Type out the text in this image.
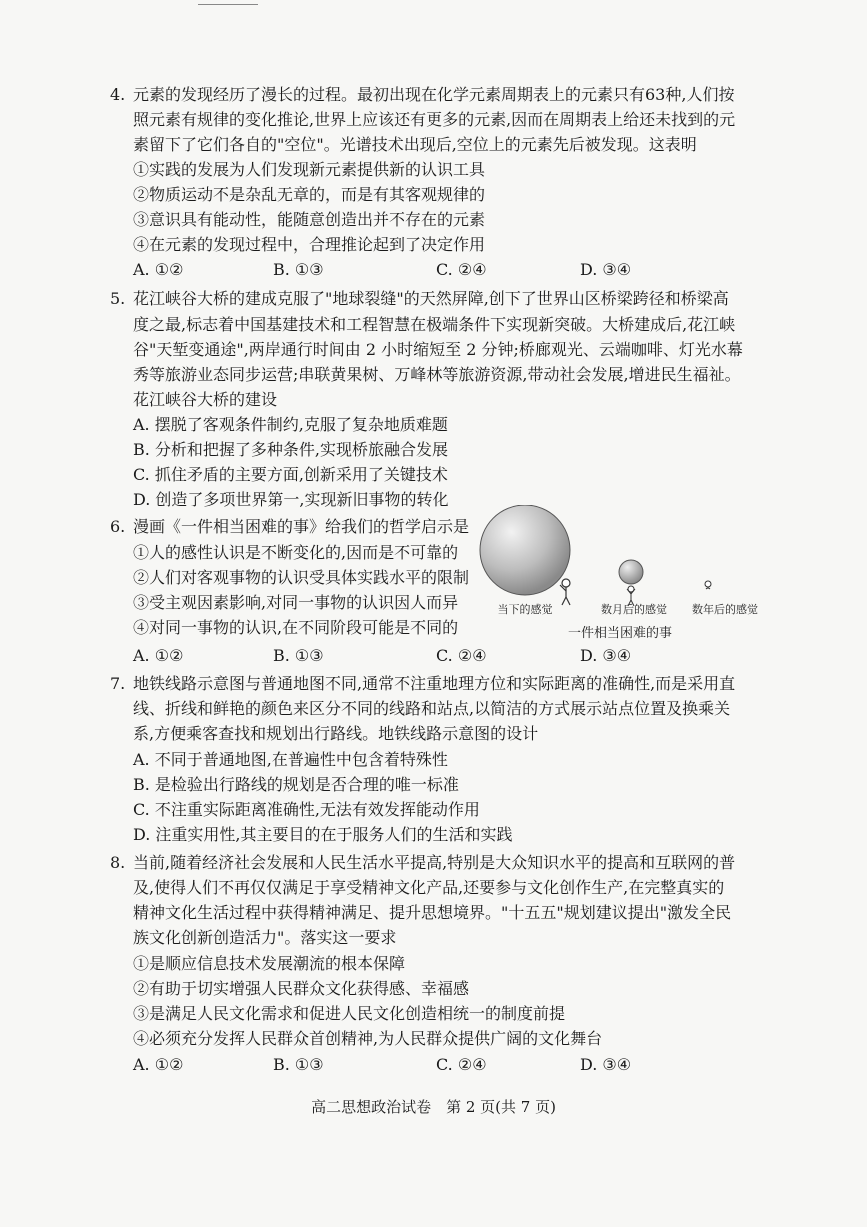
4. 元素的发现经历了漫长的过程。最初出现在化学元素周期表上的元素只有63种,人们按
照元素有规律的变化推论,世界上应该还有更多的元素,因而在周期表上给还未找到的元
素留下了它们各自的"空位"。光谱技术出现后,空位上的元素先后被发现。这表明
①实践的发展为人们发现新元素提供新的认识工具
②物质运动不是杂乱无章的，而是有其客观规律的
③意识具有能动性，能随意创造出并不存在的元素
④在元素的发现过程中，合理推论起到了决定作用
A. ①②	B. ①③	C. ②④	D. ③④
5. 花江峡谷大桥的建成克服了"地球裂缝"的天然屏障,创下了世界山区桥梁跨径和桥梁高
度之最,标志着中国基建技术和工程智慧在极端条件下实现新突破。大桥建成后,花江峡
谷"天堑变通途",两岸通行时间由 2 小时缩短至 2 分钟;桥廊观光、云端咖啡、灯光水幕
秀等旅游业态同步运营;串联黄果树、万峰林等旅游资源,带动社会发展,增进民生福祉。
花江峡谷大桥的建设
A. 摆脱了客观条件制约,克服了复杂地质难题
B. 分析和把握了多种条件,实现桥旅融合发展
C. 抓住矛盾的主要方面,创新采用了关键技术
D. 创造了多项世界第一,实现新旧事物的转化
6. 漫画《一件相当困难的事》给我们的哲学启示是
①人的感性认识是不断变化的,因而是不可靠的
②人们对客观事物的认识受具体实践水平的限制
③受主观因素影响,对同一事物的认识因人而异
④对同一事物的认识,在不同阶段可能是不同的
A. ①②	B. ①③	C. ②④	D. ③④
当下的感觉	数月后的感觉 数年后的感觉
一件相当困难的事
7. 地铁线路示意图与普通地图不同,通常不注重地理方位和实际距离的准确性,而是采用直
线、折线和鲜艳的颜色来区分不同的线路和站点,以简洁的方式展示站点位置及换乘关
系,方便乘客查找和规划出行路线。地铁线路示意图的设计
A. 不同于普通地图,在普遍性中包含着特殊性
B. 是检验出行路线的规划是否合理的唯一标准
C. 不注重实际距离准确性,无法有效发挥能动作用
D. 注重实用性,其主要目的在于服务人们的生活和实践
8. 当前,随着经济社会发展和人民生活水平提高,特别是大众知识水平的提高和互联网的普
及,使得人们不再仅仅满足于享受精神文化产品,还要参与文化创作生产,在完整真实的
精神文化生活过程中获得精神满足、提升思想境界。"十五五"规划建议提出"激发全民
族文化创新创造活力"。落实这一要求
①是顺应信息技术发展潮流的根本保障
②有助于切实增强人民群众文化获得感、幸福感
③是满足人民文化需求和促进人民文化创造相统一的制度前提
④必须充分发挥人民群众首创精神,为人民群众提供广阔的文化舞台
A. ①②	B. ①③	C. ②④	D. ③④
高二思想政治试卷　第 2 页(共 7 页)
